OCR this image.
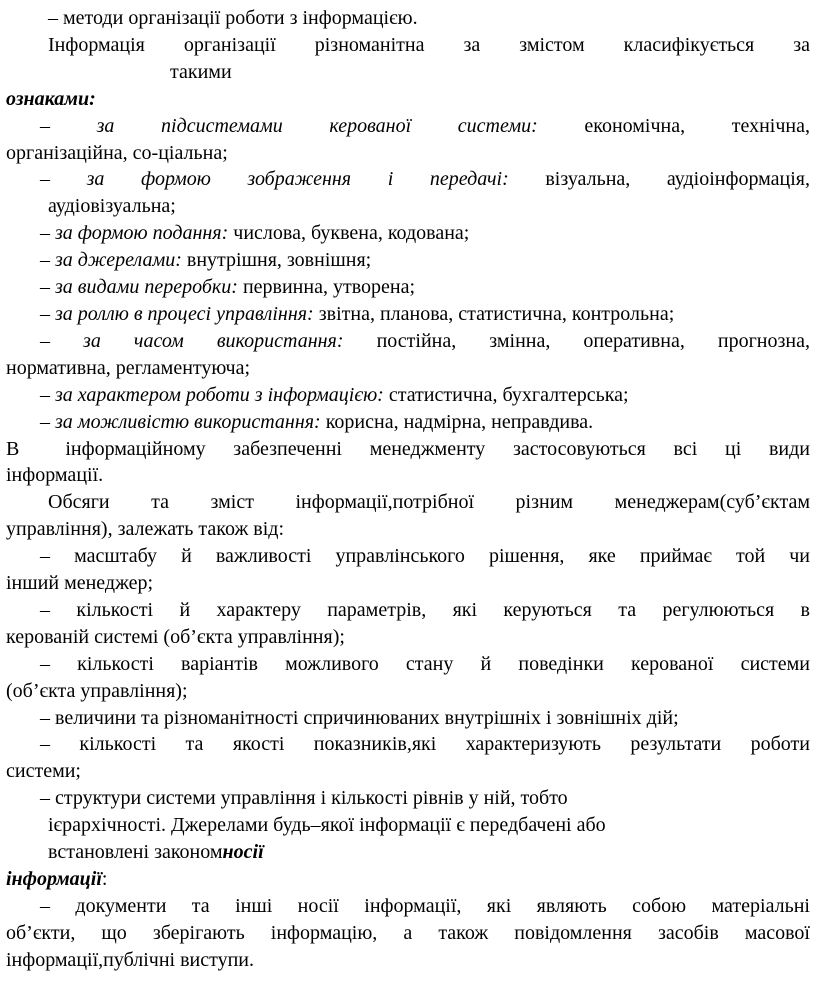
– методи організації роботи з інформацією.
Інформація організації різноманітна за змістом класифікується за
такими
ознаками:
– за підсистемами керованої системи: економічна, технічна,
організаційна, со-ціальна;
– за формою зображення і передачі: візуальна, аудіоінформація,
аудіовізуальна;
– за формою подання: числова, буквена, кодована;
– за джерелами: внутрішня, зовнішня;
– за видами переробки: первинна, утворена;
– за роллю в процесі управління: звітна, планова, статистична, контрольна;
– за часом використання: постійна, змінна, оперативна, прогнозна,
нормативна, регламентуюча;
– за характером роботи з інформацією: статистична, бухгалтерська;
– за можливістю використання: корисна, надмірна, неправдива.
В інформаційному забезпеченні менеджменту застосовуються всі ці види
інформації.
Обсяги та зміст інформації,потрібної різним менеджерам(суб’єктам
управління), залежать також від:
– масштабу й важливості управлінського рішення, яке приймає той чи
інший менеджер;
– кількості й характеру параметрів, які керуються та регулюються в
керованій системі (об’єкта управління);
– кількості варіантів можливого стану й поведінки керованої системи
(об’єкта управління);
– величини та різноманітності спричинюваних внутрішніх і зовнішніх дій;
– кількості та якості показників,які характеризують результати роботи
системи;
– структури системи управління і кількості рівнів у ній, тобто
ієрархічності. Джерелами будь–якої інформації є передбачені або
встановлені закономносії
інформації:
– документи та інші носії інформації, які являють собою матеріальні
об’єкти, що зберігають інформацію, а також повідомлення засобів масової
інформації,публічні виступи.
